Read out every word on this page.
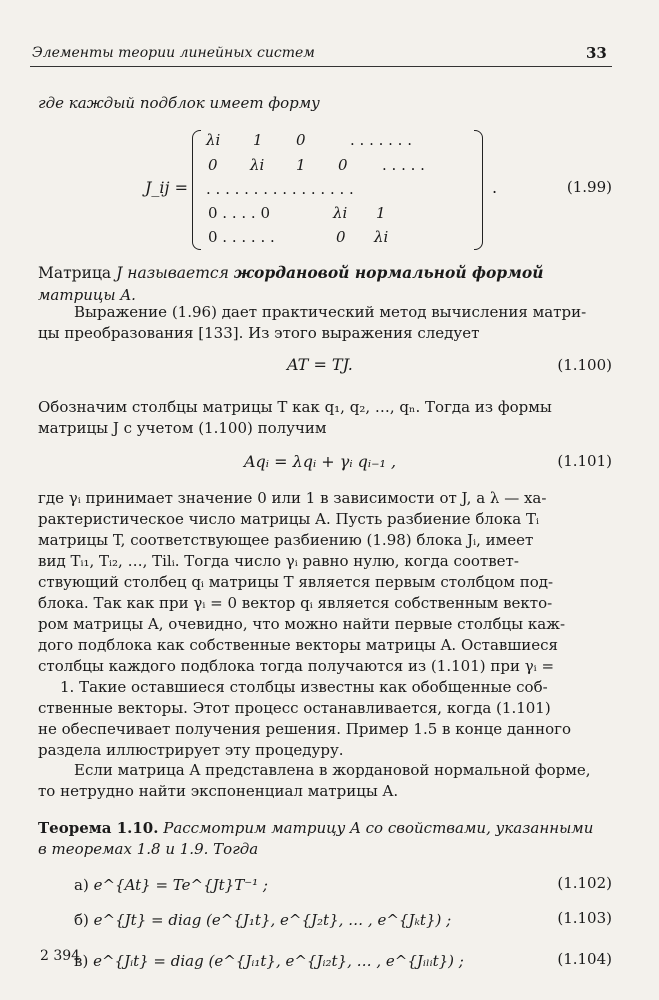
Элементы теории линейных систем	33
где каждый подблок имеет форму
J_ij =
λi 1 0	. . . . . . .
0 λi 1 0 . . . . .
. . . . . . . . . . . . . . . .
0 . . . . 0	λi 1
0 . . . . . .	0 λi
.	(1.99)
Матрица J называется жордановой нормальной формой
матрицы A.
Выражение (1.96) дает практический метод вычисления матри-
цы преобразования [133]. Из этого выражения следует
AT = TJ.	(1.100)
Обозначим столбцы матрицы T как q₁, q₂, …, qₙ. Тогда из формы
матрицы J с учетом (1.100) получим
Aqᵢ = λqᵢ + γᵢ qᵢ₋₁ ,	(1.101)
где γᵢ принимает значение 0 или 1 в зависимости от J, а λ — ха-
рактеристическое число матрицы A. Пусть разбиение блока Tᵢ
матрицы T, соответствующее разбиению (1.98) блока Jᵢ, имеет
вид Tᵢ₁, Tᵢ₂, …, Tilᵢ. Тогда число γᵢ равно нулю, когда соответ-
ствующий столбец qᵢ матрицы T является первым столбцом под-
блока. Так как при γᵢ = 0 вектор qᵢ является собственным векто-
ром матрицы A, очевидно, что можно найти первые столбцы каж-
дого подблока как собственные векторы матрицы A. Оставшиеся
столбцы каждого подблока тогда получаются из (1.101) при γᵢ =
1. Такие оставшиеся столбцы известны как обобщенные соб-
ственные векторы. Этот процесс останавливается, когда (1.101)
не обеспечивает получения решения. Пример 1.5 в конце данного
раздела иллюстрирует эту процедуру.
Если матрица A представлена в жордановой нормальной форме,
то нетрудно найти экспоненциал матрицы A.
Теорема 1.10. Рассмотрим матрицу A со свойствами, указанными
в теоремах 1.8 и 1.9. Тогда
а) e^{At} = Te^{Jt}T⁻¹ ;	(1.102)
б) e^{Jt} = diag (e^{J₁t}, e^{J₂t}, … , e^{Jₖt}) ;	(1.103)
в) e^{Jᵢt} = diag (e^{Jᵢ₁t}, e^{Jᵢ₂t}, … , e^{Jᵢₗᵢt}) ;	(1.104)
2 394
